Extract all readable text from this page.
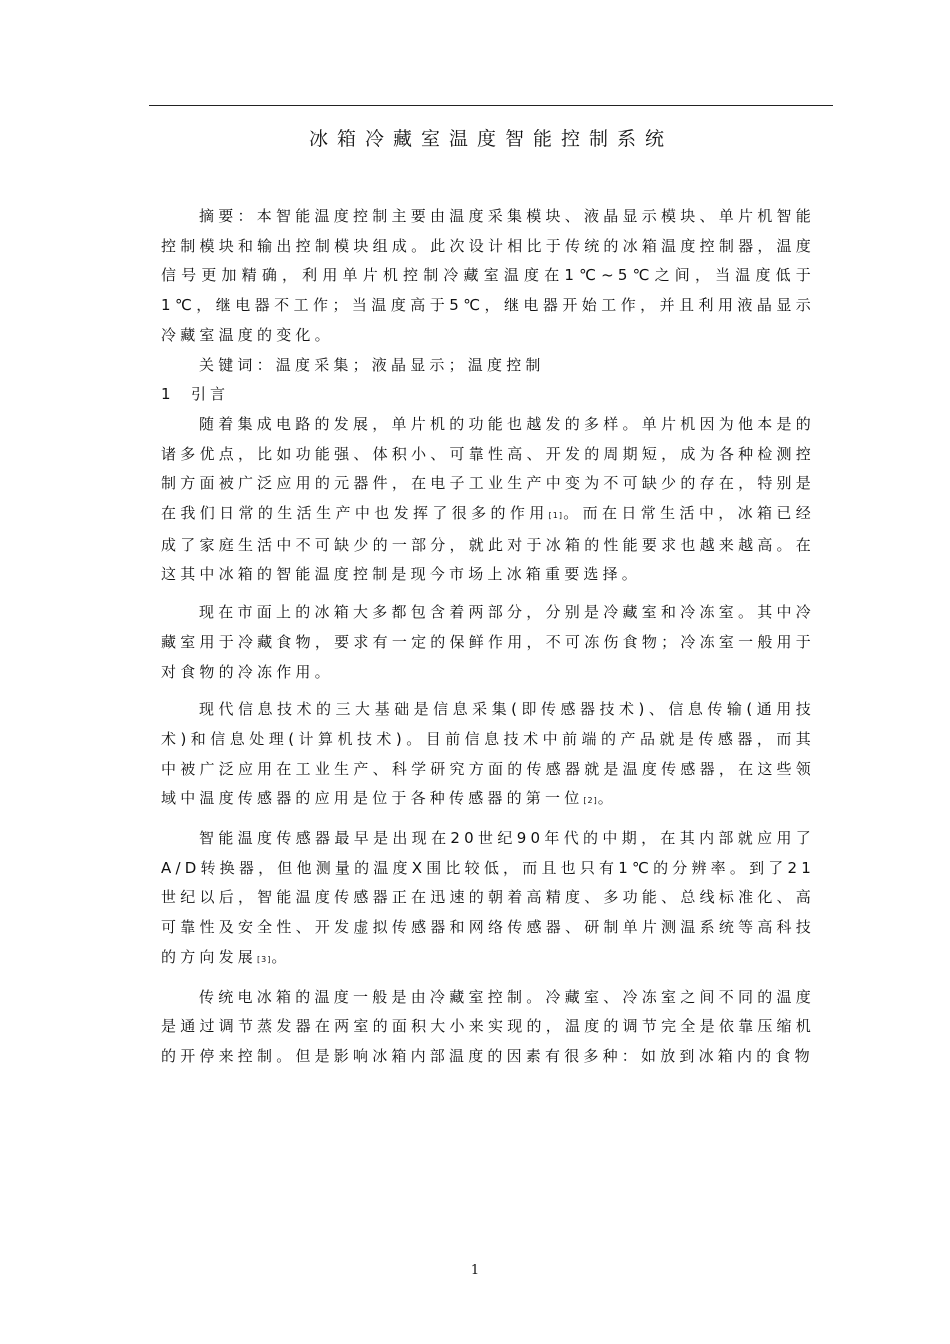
冰箱冷藏室温度智能控制系统

摘要：本智能温度控制主要由温度采集模块、液晶显示模块、单片机智能控制模块和输出控制模块组成。此次设计相比于传统的冰箱温度控制器，温度信号更加精确，利用单片机控制冷藏室温度在1℃~5℃之间，当温度低于1℃，继电器不工作；当温度高于5℃，继电器开始工作，并且利用液晶显示冷藏室温度的变化。

关键词：温度采集；液晶显示；温度控制

1 引言

随着集成电路的发展，单片机的功能也越发的多样。单片机因为他本是的诸多优点，比如功能强、体积小、可靠性高、开发的周期短，成为各种检测控制方面被广泛应用的元器件，在电子工业生产中变为不可缺少的存在，特别是在我们日常的生活生产中也发挥了很多的作用[1]。而在日常生活中，冰箱已经成了家庭生活中不可缺少的一部分，就此对于冰箱的性能要求也越来越高。在这其中冰箱的智能温度控制是现今市场上冰箱重要选择。

现在市面上的冰箱大多都包含着两部分，分别是冷藏室和冷冻室。其中冷藏室用于冷藏食物，要求有一定的保鲜作用，不可冻伤食物；冷冻室一般用于对食物的冷冻作用。

现代信息技术的三大基础是信息采集(即传感器技术)、信息传输(通用技术)和信息处理(计算机技术)。目前信息技术中前端的产品就是传感器，而其中被广泛应用在工业生产、科学研究方面的传感器就是温度传感器，在这些领域中温度传感器的应用是位于各种传感器的第一位[2]。

智能温度传感器最早是出现在20世纪90年代的中期，在其内部就应用了A/D转换器，但他测量的温度X围比较低，而且也只有1℃的分辨率。到了21世纪以后，智能温度传感器正在迅速的朝着高精度、多功能、总线标准化、高可靠性及安全性、开发虚拟传感器和网络传感器、研制单片测温系统等高科技的方向发展[3]。

传统电冰箱的温度一般是由冷藏室控制。冷藏室、冷冻室之间不同的温度是通过调节蒸发器在两室的面积大小来实现的，温度的调节完全是依靠压缩机的开停来控制。但是影响冰箱内部温度的因素有很多种：如放到冰箱内的食物

1
